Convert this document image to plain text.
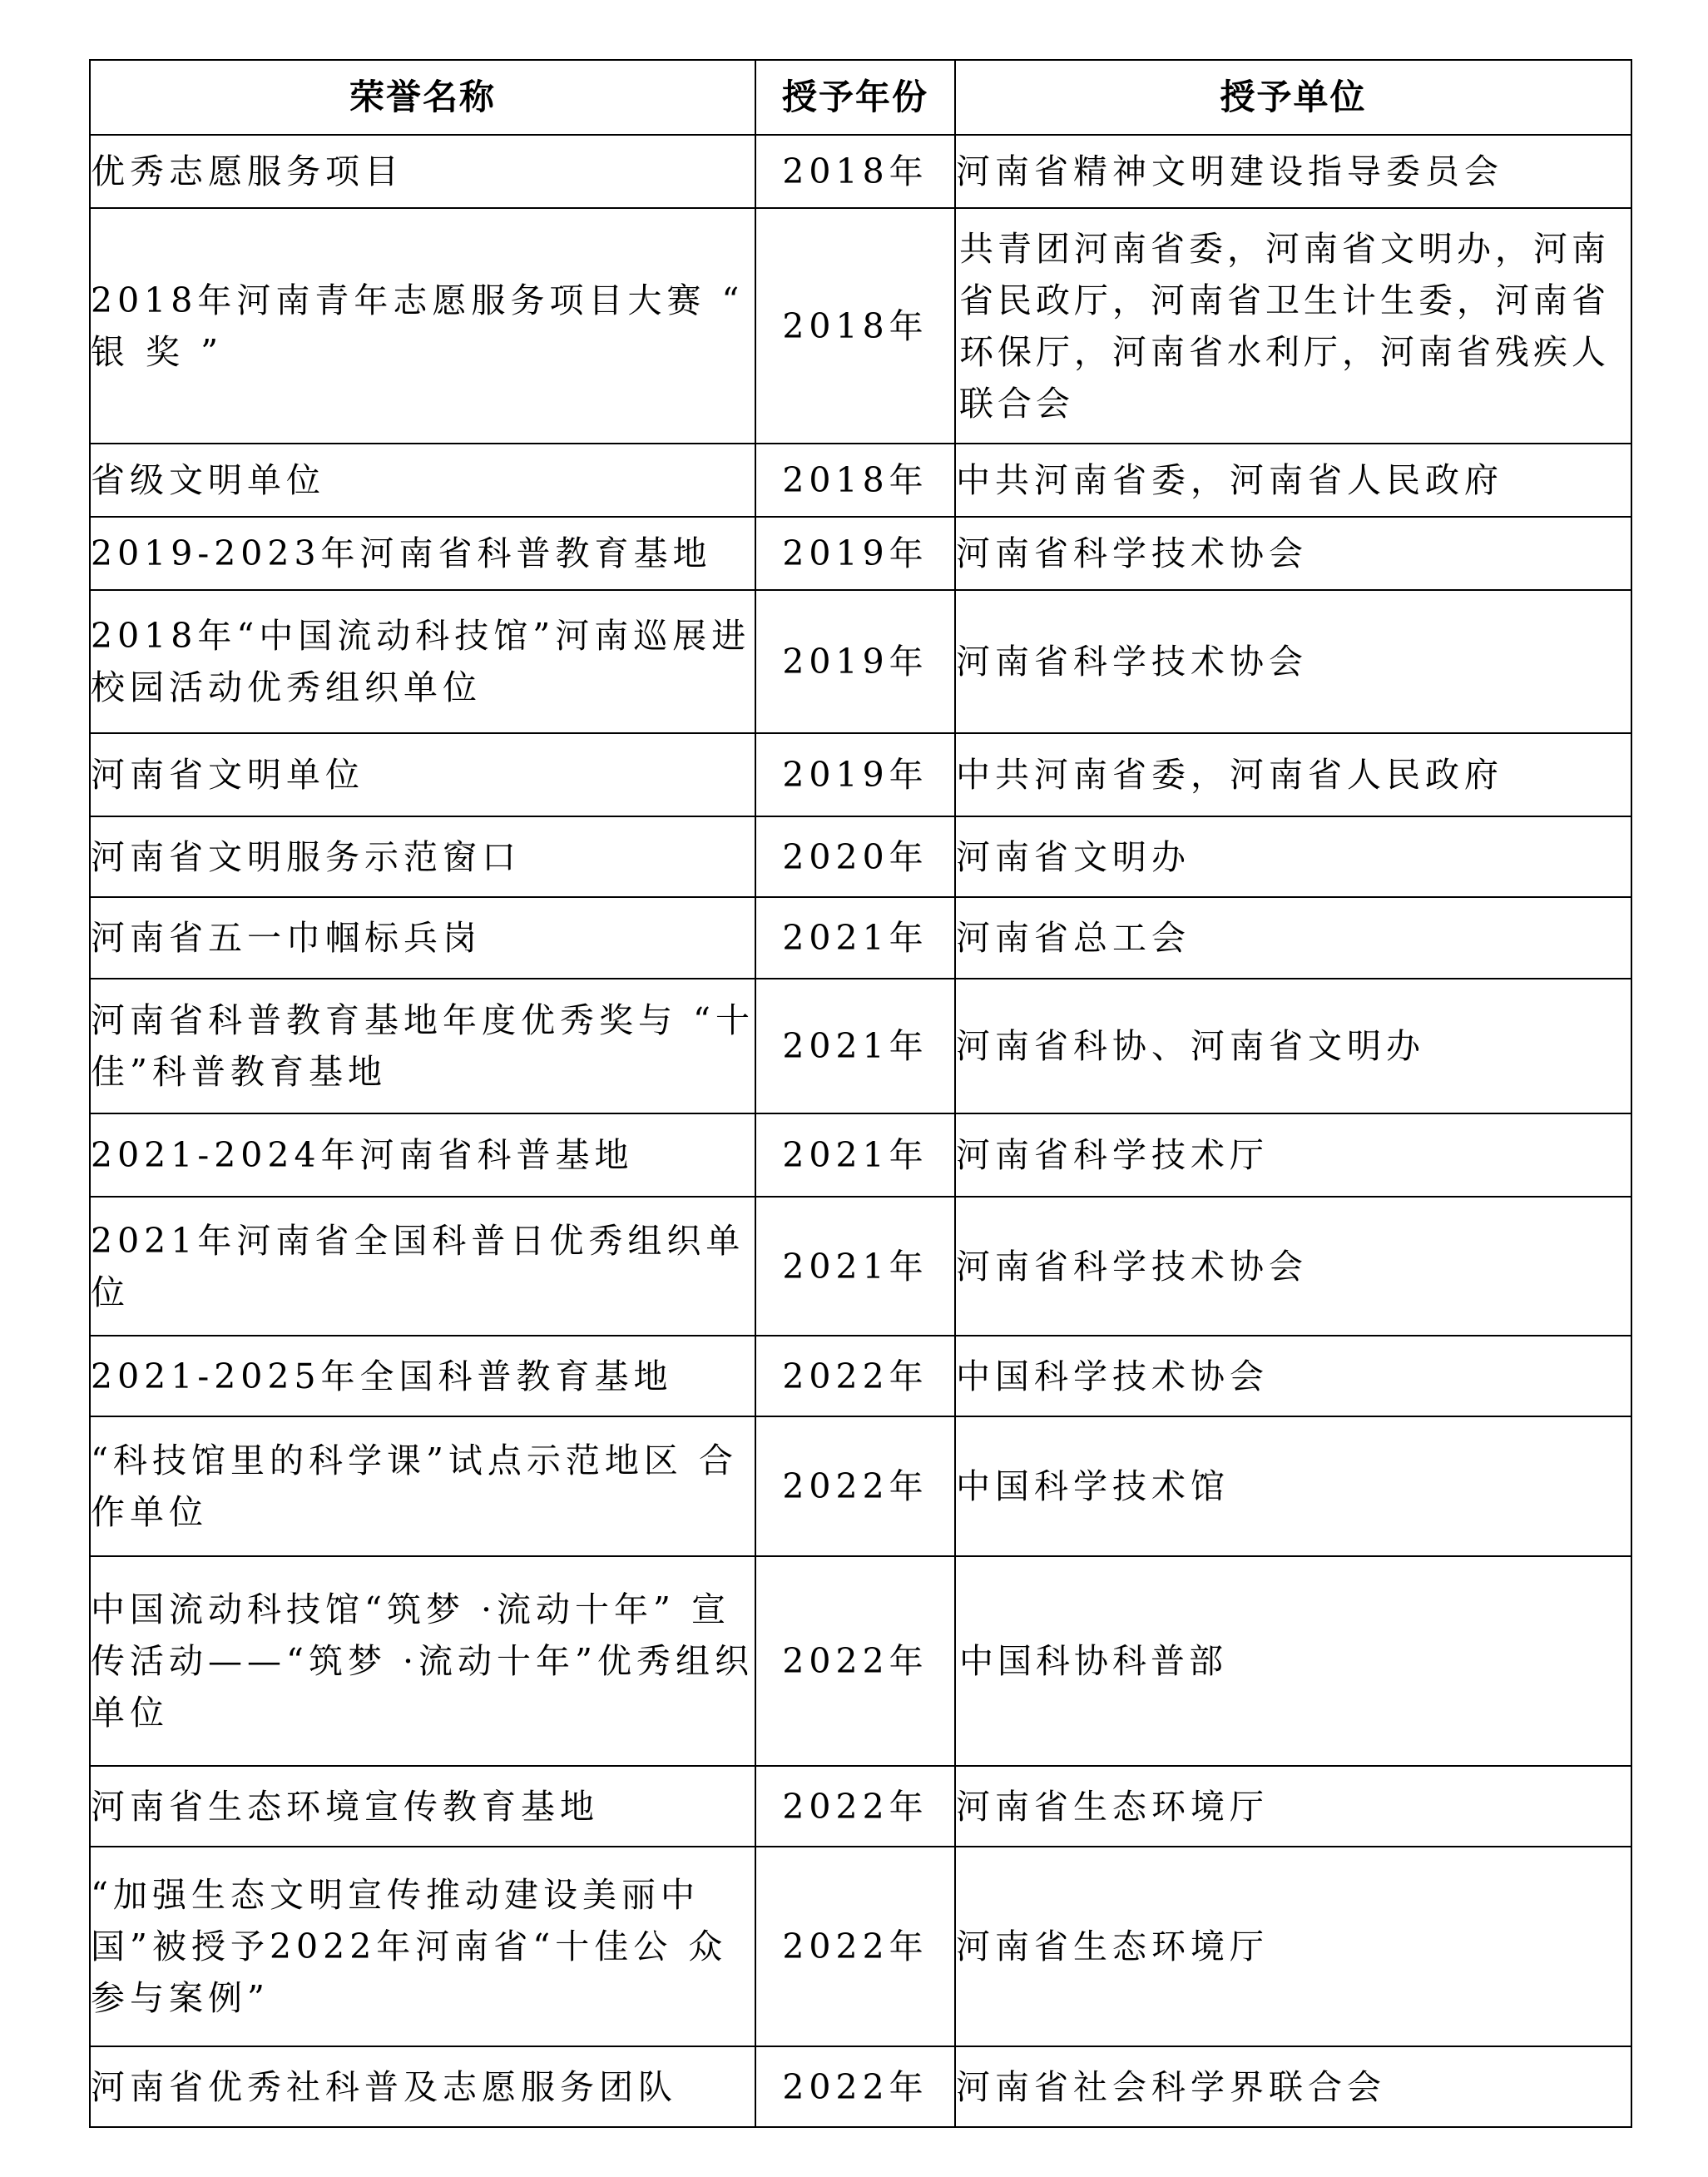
荣誉名称	授予年份	授予单位
优秀志愿服务项目	2018年	河南省精神文明建设指导委员会
2018年河南青年志愿服务项目大赛 “ 银 奖 ”	2018年	共青团河南省委，河南省文明办，河南省民政厅，河南省卫生计生委，河南省环保厅，河南省水利厅，河南省残疾人联合会
省级文明单位	2018年	中共河南省委，河南省人民政府
2019-2023年河南省科普教育基地	2019年	河南省科学技术协会
2018年“中国流动科技馆”河南巡展进校园活动优秀组织单位	2019年	河南省科学技术协会
河南省文明单位	2019年	中共河南省委，河南省人民政府
河南省文明服务示范窗口	2020年	河南省文明办
河南省五一巾帼标兵岗	2021年	河南省总工会
河南省科普教育基地年度优秀奖与 “十佳”科普教育基地	2021年	河南省科协、河南省文明办
2021-2024年河南省科普基地	2021年	河南省科学技术厅
2021年河南省全国科普日优秀组织单位	2021年	河南省科学技术协会
2021-2025年全国科普教育基地	2022年	中国科学技术协会
“科技馆里的科学课”试点示范地区 合作单位	2022年	中国科学技术馆
中国流动科技馆“筑梦 ·流动十年” 宣传活动——“筑梦 ·流动十年”优秀组织单位	2022年	中国科协科普部
河南省生态环境宣传教育基地	2022年	河南省生态环境厅
“加强生态文明宣传推动建设美丽中国”被授予2022年河南省“十佳公 众参与案例”	2022年	河南省生态环境厅
河南省优秀社科普及志愿服务团队	2022年	河南省社会科学界联合会
